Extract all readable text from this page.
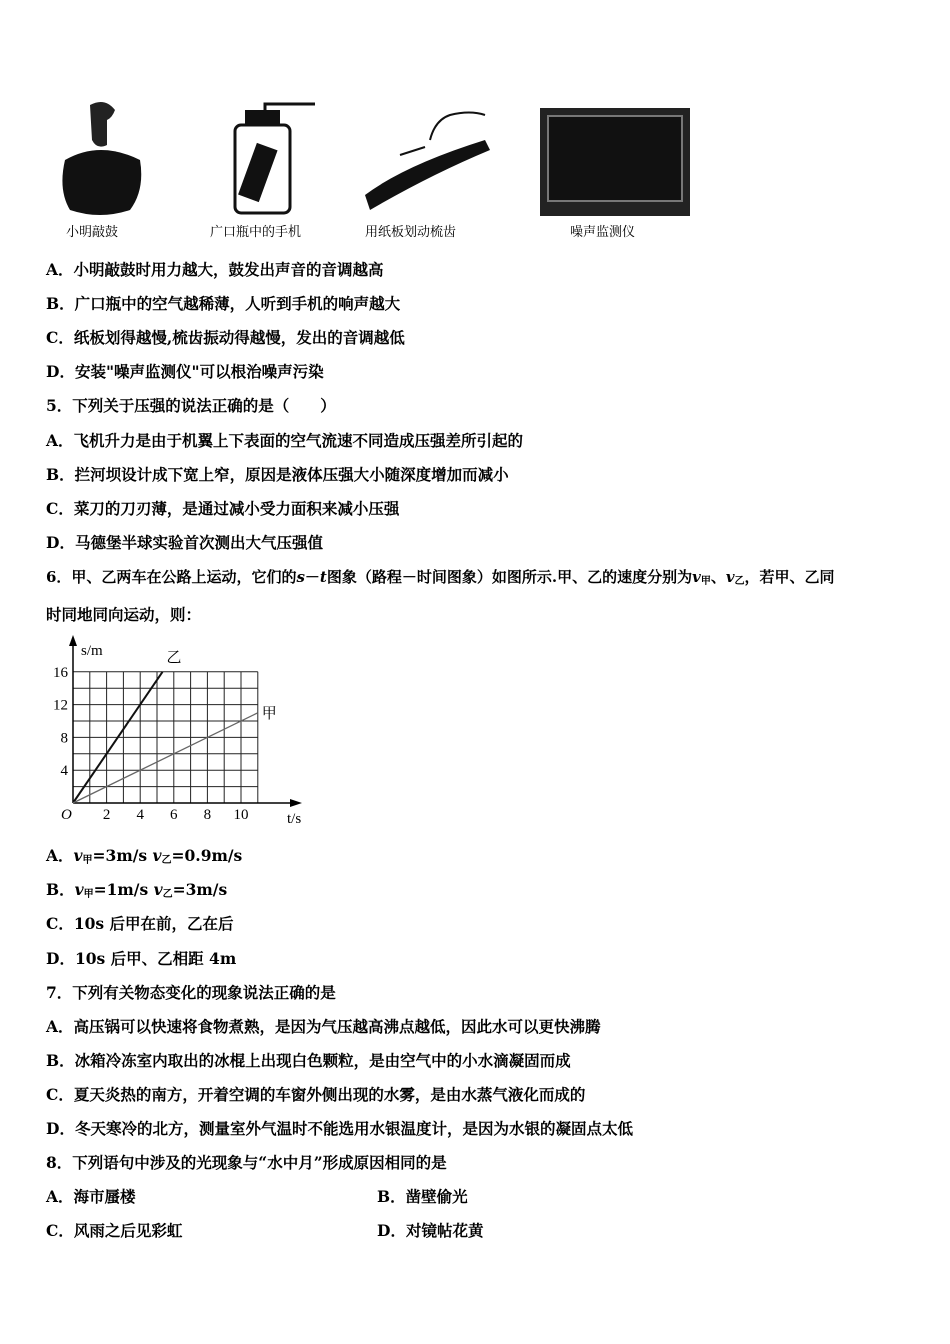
小明敲鼓	广口瓶中的手机	用纸板划动梳齿	噪声监测仪
A．小明敲鼓时用力越大，鼓发出声音的音调越高
B．广口瓶中的空气越稀薄，人听到手机的响声越大
C．纸板划得越慢,梳齿振动得越慢，发出的音调越低
D．安装"噪声监测仪"可以根治噪声污染
5．下列关于压强的说法正确的是（　　）
A．飞机升力是由于机翼上下表面的空气流速不同造成压强差所引起的
B．拦河坝设计成下宽上窄，原因是液体压强大小随深度增加而减小
C．菜刀的刀刃薄，是通过减小受力面积来减小压强
D．马德堡半球实验首次测出大气压强值
6．甲、乙两车在公路上运动，它们的s－t图象（路程－时间图象）如图所示.甲、乙的速度分别为$v_甲$、$v_乙$，若甲、乙同
时同地同向运动，则：
2 4 6 8 10
4
8
12
16
O
s/m
t/s
乙
甲
A．$v_甲=3m/s$ $v_乙=0.9m/s$
B．$v_甲=1m/s$ $v_乙=3m/s$
C．10s 后甲在前，乙在后
D．10s 后甲、乙相距 4m
7．下列有关物态变化的现象说法正确的是
A．高压锅可以快速将食物煮熟，是因为气压越高沸点越低，因此水可以更快沸腾
B．冰箱冷冻室内取出的冰棍上出现白色颗粒，是由空气中的小水滴凝固而成
C．夏天炎热的南方，开着空调的车窗外侧出现的水雾，是由水蒸气液化而成的
D．冬天寒冷的北方，测量室外气温时不能选用水银温度计，是因为水银的凝固点太低
8．下列语句中涉及的光现象与“水中月”形成原因相同的是
A．海市蜃楼	B．凿壁偷光
C．风雨之后见彩虹	D．对镜帖花黄
